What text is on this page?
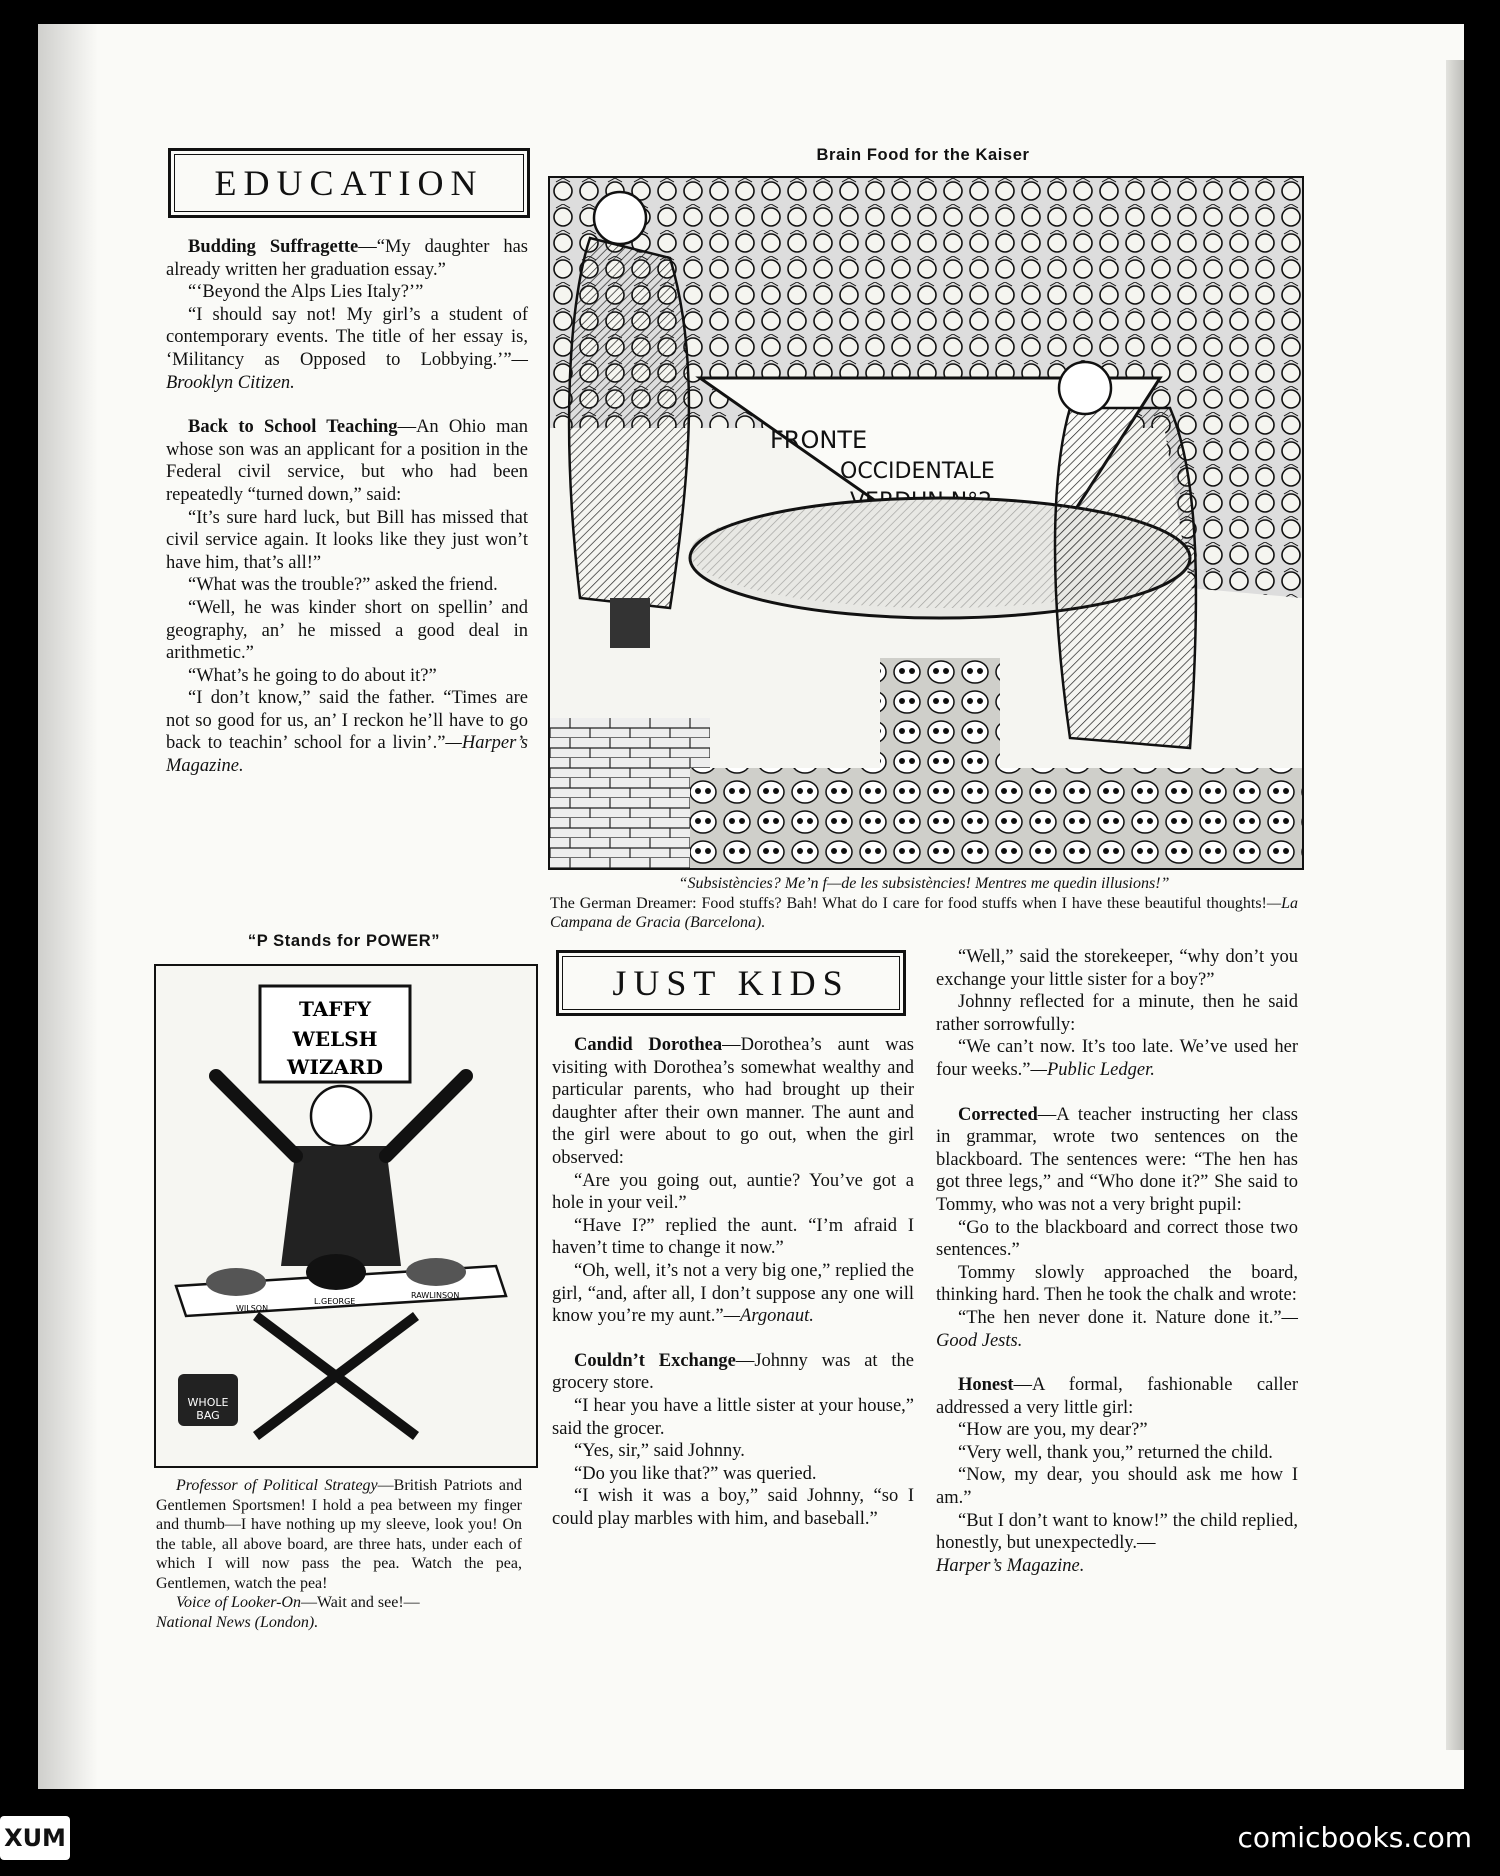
EDUCATION

Budding Suffragette—“My daughter has already written her graduation essay.”

“‘Beyond the Alps Lies Italy?’”

“I should say not! My girl’s a student of contemporary events. The title of her essay is, ‘Militancy as Opposed to Lobbying.’”—Brooklyn Citizen.

Back to School Teaching—An Ohio man whose son was an applicant for a position in the Federal civil service, but who had been repeatedly “turned down,” said:

“It’s sure hard luck, but Bill has missed that civil service again. It looks like they just won’t have him, that’s all!”

“What was the trouble?” asked the friend.

“Well, he was kinder short on spellin’ and geography, an’ he missed a good deal in arithmetic.”

“What’s he going to do about it?”

“I don’t know,” said the father. “Times are not so good for us, an’ I reckon he’ll have to go back to teachin’ school for a livin’.”—Harper’s Magazine.

Brain Food for the Kaiser
FRONTE
OCCIDENTALE

“Subsistències? Me’n f—de les subsistències! Mentres me quedin illusions!”

The German Dreamer: Food stuffs? Bah! What do I care for food stuffs when I have these beautiful thoughts!—La Campana de Gracia (Barcelona).

“P Stands for POWER”
TAFFY
WELSH
WIZARD
WHOLE
BAG
WILSON
L.GEORGE
RAWLINSON

Professor of Political Strategy—British Patriots and Gentlemen Sportsmen! I hold a pea between my finger and thumb—I have nothing up my sleeve, look you! On the table, all above board, are three hats, under each of which I will now pass the pea. Watch the pea, Gentlemen, watch the pea!

Voice of Looker-On—Wait and see!—
National News (London).

JUST KIDS

Candid Dorothea—Dorothea’s aunt was visiting with Dorothea’s somewhat wealthy and particular parents, who had brought up their daughter after their own manner. The aunt and the girl were about to go out, when the girl observed:

“Are you going out, auntie? You’ve got a hole in your veil.”

“Have I?” replied the aunt. “I’m afraid I haven’t time to change it now.”

“Oh, well, it’s not a very big one,” replied the girl, “and, after all, I don’t suppose any one will know you’re my aunt.”—Argonaut.

Couldn’t Exchange—Johnny was at the grocery store.

“I hear you have a little sister at your house,” said the grocer.

“Yes, sir,” said Johnny.

“Do you like that?” was queried.

“I wish it was a boy,” said Johnny, “so I could play marbles with him, and baseball.”

“Well,” said the storekeeper, “why don’t you exchange your little sister for a boy?”

Johnny reflected for a minute, then he said rather sorrowfully:

“We can’t now. It’s too late. We’ve used her four weeks.”—Public Ledger.

Corrected—A teacher instructing her class in grammar, wrote two sentences on the blackboard. The sentences were: “The hen has got three legs,” and “Who done it?” She said to Tommy, who was not a very bright pupil:

“Go to the blackboard and correct those two sentences.”

Tommy slowly approached the board, thinking hard. Then he took the chalk and wrote:

“The hen never done it. Nature done it.”—Good Jests.

Honest—A formal, fashionable caller addressed a very little girl:

“How are you, my dear?”

“Very well, thank you,” returned the child.

“Now, my dear, you should ask me how I am.”

“But I don’t want to know!” the child replied, honestly, but unexpectedly.—
Harper’s Magazine.

XUM	comicbooks.com
